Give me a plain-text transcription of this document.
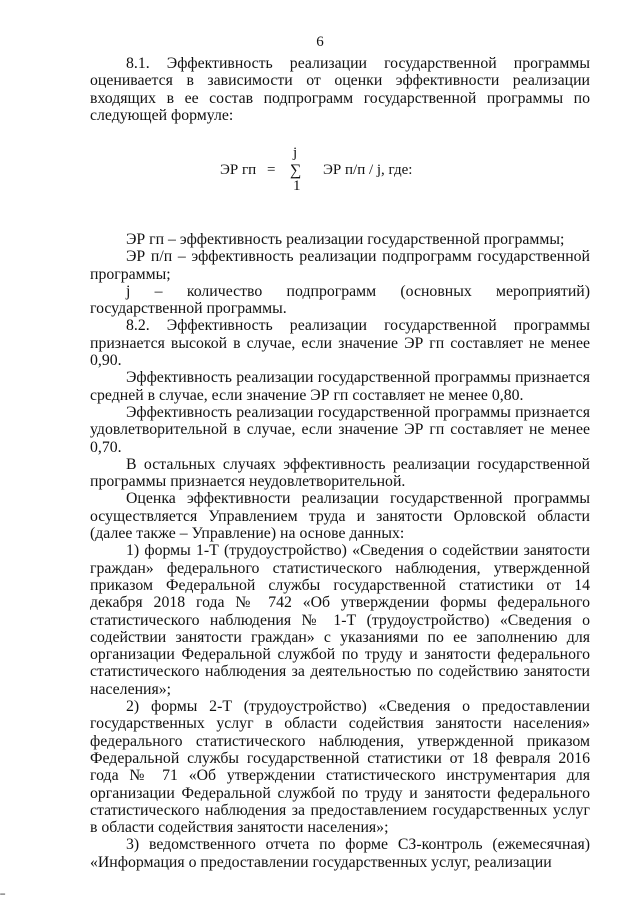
6

8.1. Эффективность реализации государственной программы оценивается в зависимости от оценки эффективности реализации входящих в ее состав подпрограмм государственной программы по следующей формуле:

ЭР гп =
j
∑
1
ЭР п/п / j, где:

ЭР гп – эффективность реализации государственной программы;

ЭР п/п – эффективность реализации подпрограмм государственной программы;

j – количество подпрограмм (основных мероприятий) государственной программы.

8.2. Эффективность реализации государственной программы признается высокой в случае, если значение ЭР гп составляет не менее 0,90.

Эффективность реализации государственной программы признается средней в случае, если значение ЭР гп составляет не менее 0,80.

Эффективность реализации государственной программы признается удовлетворительной в случае, если значение ЭР гп составляет не менее 0,70.

В остальных случаях эффективность реализации государственной программы признается неудовлетворительной.

Оценка эффективности реализации государственной программы осуществляется Управлением труда и занятости Орловской области (далее также – Управление) на основе данных:

1) формы 1-Т (трудоустройство) «Сведения о содействии занятости граждан» федерального статистического наблюдения, утвержденной приказом Федеральной службы государственной статистики от 14 декабря 2018 года № 742 «Об утверждении формы федерального статистического наблюдения № 1-Т (трудоустройство) «Сведения о содействии занятости граждан» с указаниями по ее заполнению для организации Федеральной службой по труду и занятости федерального статистического наблюдения за деятельностью по содействию занятости населения»;

2) формы 2-Т (трудоустройство) «Сведения о предоставлении государственных услуг в области содействия занятости населения» федерального статистического наблюдения, утвержденной приказом Федеральной службы государственной статистики от 18 февраля 2016 года № 71 «Об утверждении статистического инструментария для организации Федеральной службой по труду и занятости федерального статистического наблюдения за предоставлением государственных услуг в области содействия занятости населения»;

3) ведомственного отчета по форме СЗ-контроль (ежемесячная) «Информация о предоставлении государственных услуг, реализации

˗
